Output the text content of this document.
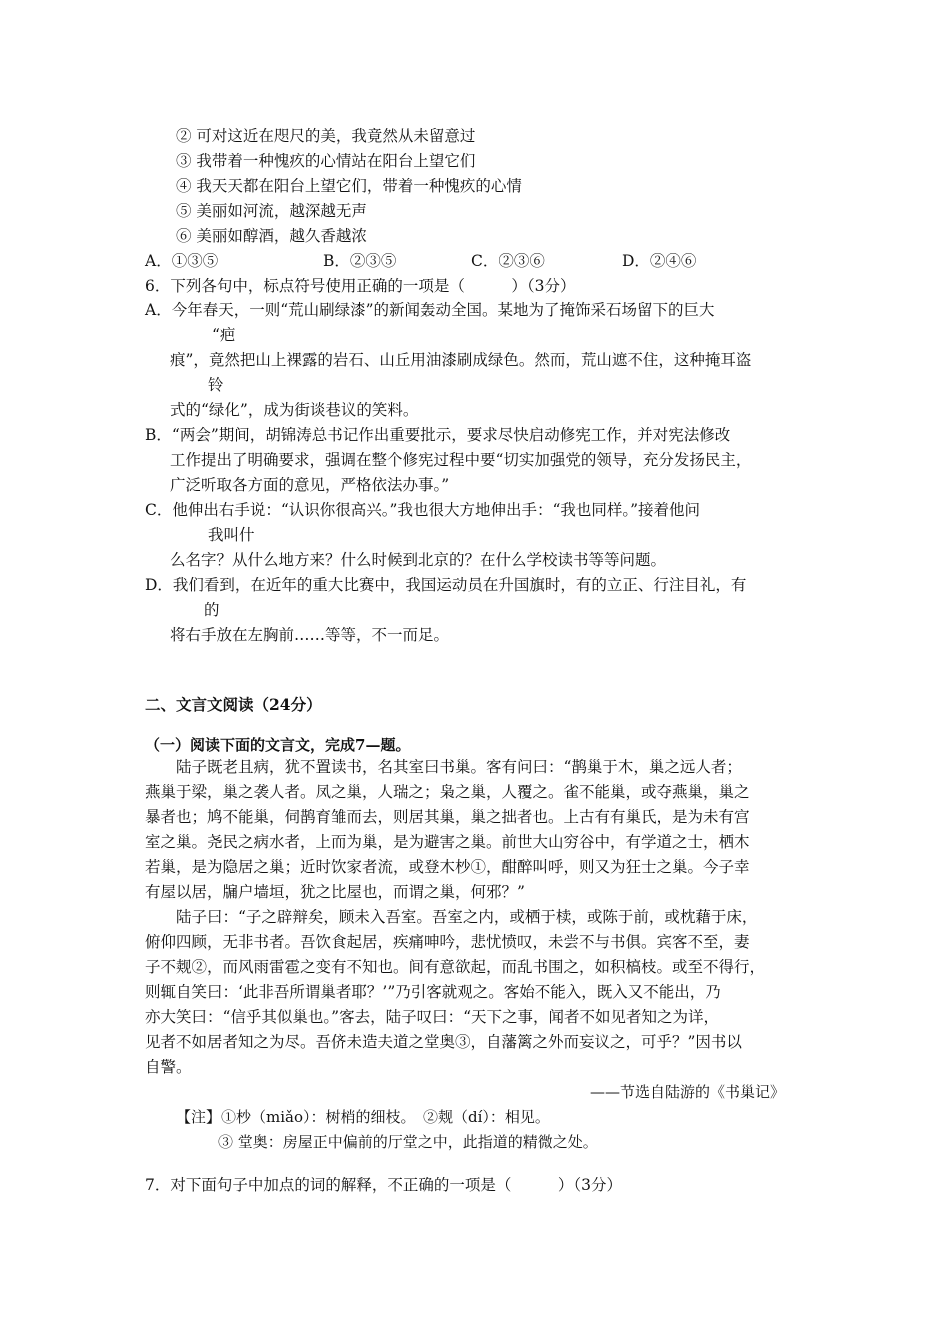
② 可对这近在咫尺的美，我竟然从未留意过
③ 我带着一种愧疚的心情站在阳台上望它们
④ 我天天都在阳台上望它们，带着一种愧疚的心情
⑤ 美丽如河流，越深越无声
⑥ 美丽如醇酒，越久香越浓
A．①③⑤	B．②③⑤	C．②③⑥	D．②④⑥
6．下列各句中，标点符号使用正确的一项是（　　　）（3分）
A．今年春天，一则“荒山刷绿漆”的新闻轰动全国。某地为了掩饰采石场留下的巨大
“疤
痕”，竟然把山上裸露的岩石、山丘用油漆刷成绿色。然而，荒山遮不住，这种掩耳盗
铃
式的“绿化”，成为街谈巷议的笑料。
B．“两会”期间，胡锦涛总书记作出重要批示，要求尽快启动修宪工作，并对宪法修改
工作提出了明确要求，强调在整个修宪过程中要“切实加强党的领导，充分发扬民主，
广泛听取各方面的意见，严格依法办事。”
C．他伸出右手说：“认识你很高兴。”我也很大方地伸出手：“我也同样。”接着他问
我叫什
么名字？从什么地方来？什么时候到北京的？在什么学校读书等等问题。
D．我们看到，在近年的重大比赛中，我国运动员在升国旗时，有的立正、行注目礼，有
的
将右手放在左胸前……等等，不一而足。
二、文言文阅读（24分）
（一）阅读下面的文言文，完成7—题。
　　陆子既老且病，犹不置读书，名其室曰书巢。客有问曰：“鹊巢于木，巢之远人者；
燕巢于梁，巢之袭人者。凤之巢，人瑞之；枭之巢，人覆之。雀不能巢，或夺燕巢，巢之
暴者也；鸠不能巢，伺鹊育雏而去，则居其巢，巢之拙者也。上古有有巢氏，是为未有宫
室之巢。尧民之病水者，上而为巢，是为避害之巢。前世大山穷谷中，有学道之士，栖木
若巢，是为隐居之巢；近时饮家者流，或登木杪①，酣醉叫呼，则又为狂士之巢。今子幸
有屋以居，牖户墙垣，犹之比屋也，而谓之巢，何邪？”
　　陆子曰：“子之辟辩矣，顾未入吾室。吾室之内，或栖于椟，或陈于前，或枕藉于床，
俯仰四顾，无非书者。吾饮食起居，疾痛呻吟，悲忧愤叹，未尝不与书俱。宾客不至，妻
子不觌②，而风雨雷雹之变有不知也。间有意欲起，而乱书围之，如积槁枝。或至不得行，
则辄自笑曰：‘此非吾所谓巢者耶？’”乃引客就观之。客始不能入，既入又不能出，乃
亦大笑曰：“信乎其似巢也。”客去，陆子叹曰：“天下之事，闻者不如见者知之为详，
见者不如居者知之为尽。吾侪未造夫道之堂奥③，自藩篱之外而妄议之，可乎？”因书以
自警。
——节选自陆游的《书巢记》
【注】①杪（miǎo）：树梢的细枝。　②觌（dí）：相见。
③ 堂奥：房屋正中偏前的厅堂之中，此指道的精微之处。
7．对下面句子中加点的词的解释，不正确的一项是（　　　）（3分）
